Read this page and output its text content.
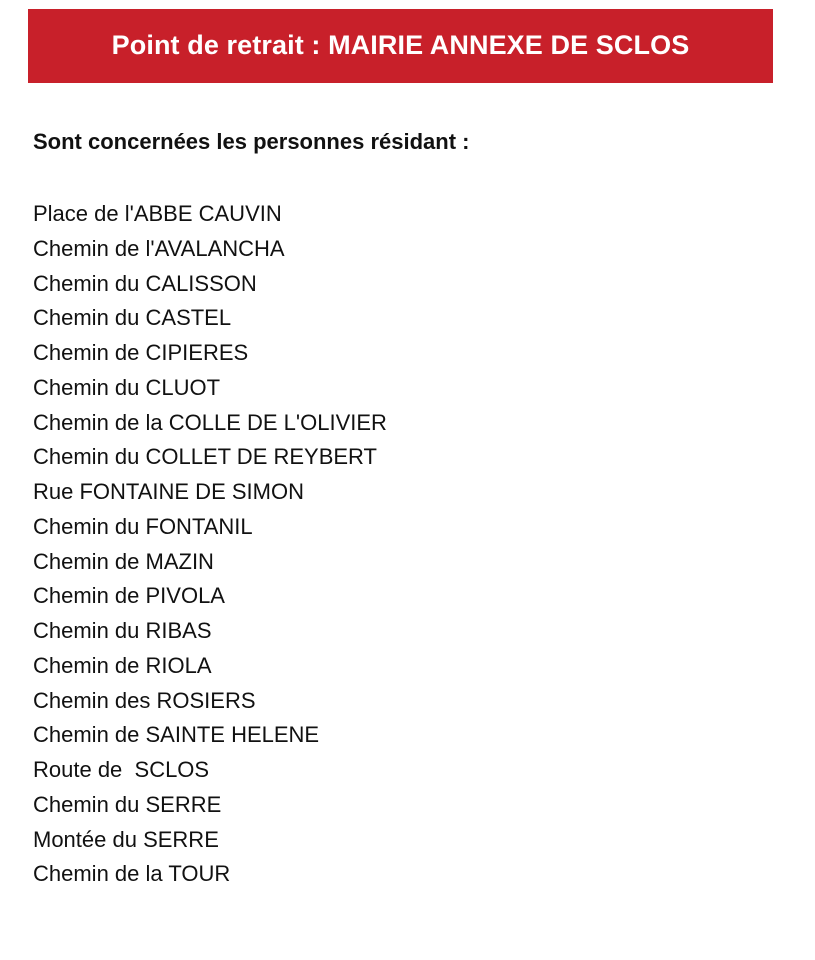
Point de retrait : MAIRIE ANNEXE DE SCLOS
Sont concernées les personnes résidant :
Place de l'ABBE CAUVIN
Chemin de l'AVALANCHA
Chemin du CALISSON
Chemin du CASTEL
Chemin de CIPIERES
Chemin du CLUOT
Chemin de la COLLE DE L'OLIVIER
Chemin du COLLET DE REYBERT
Rue FONTAINE DE SIMON
Chemin du FONTANIL
Chemin de MAZIN
Chemin de PIVOLA
Chemin du RIBAS
Chemin de RIOLA
Chemin des ROSIERS
Chemin de SAINTE HELENE
Route de  SCLOS
Chemin du SERRE
Montée du SERRE
Chemin de la TOUR
